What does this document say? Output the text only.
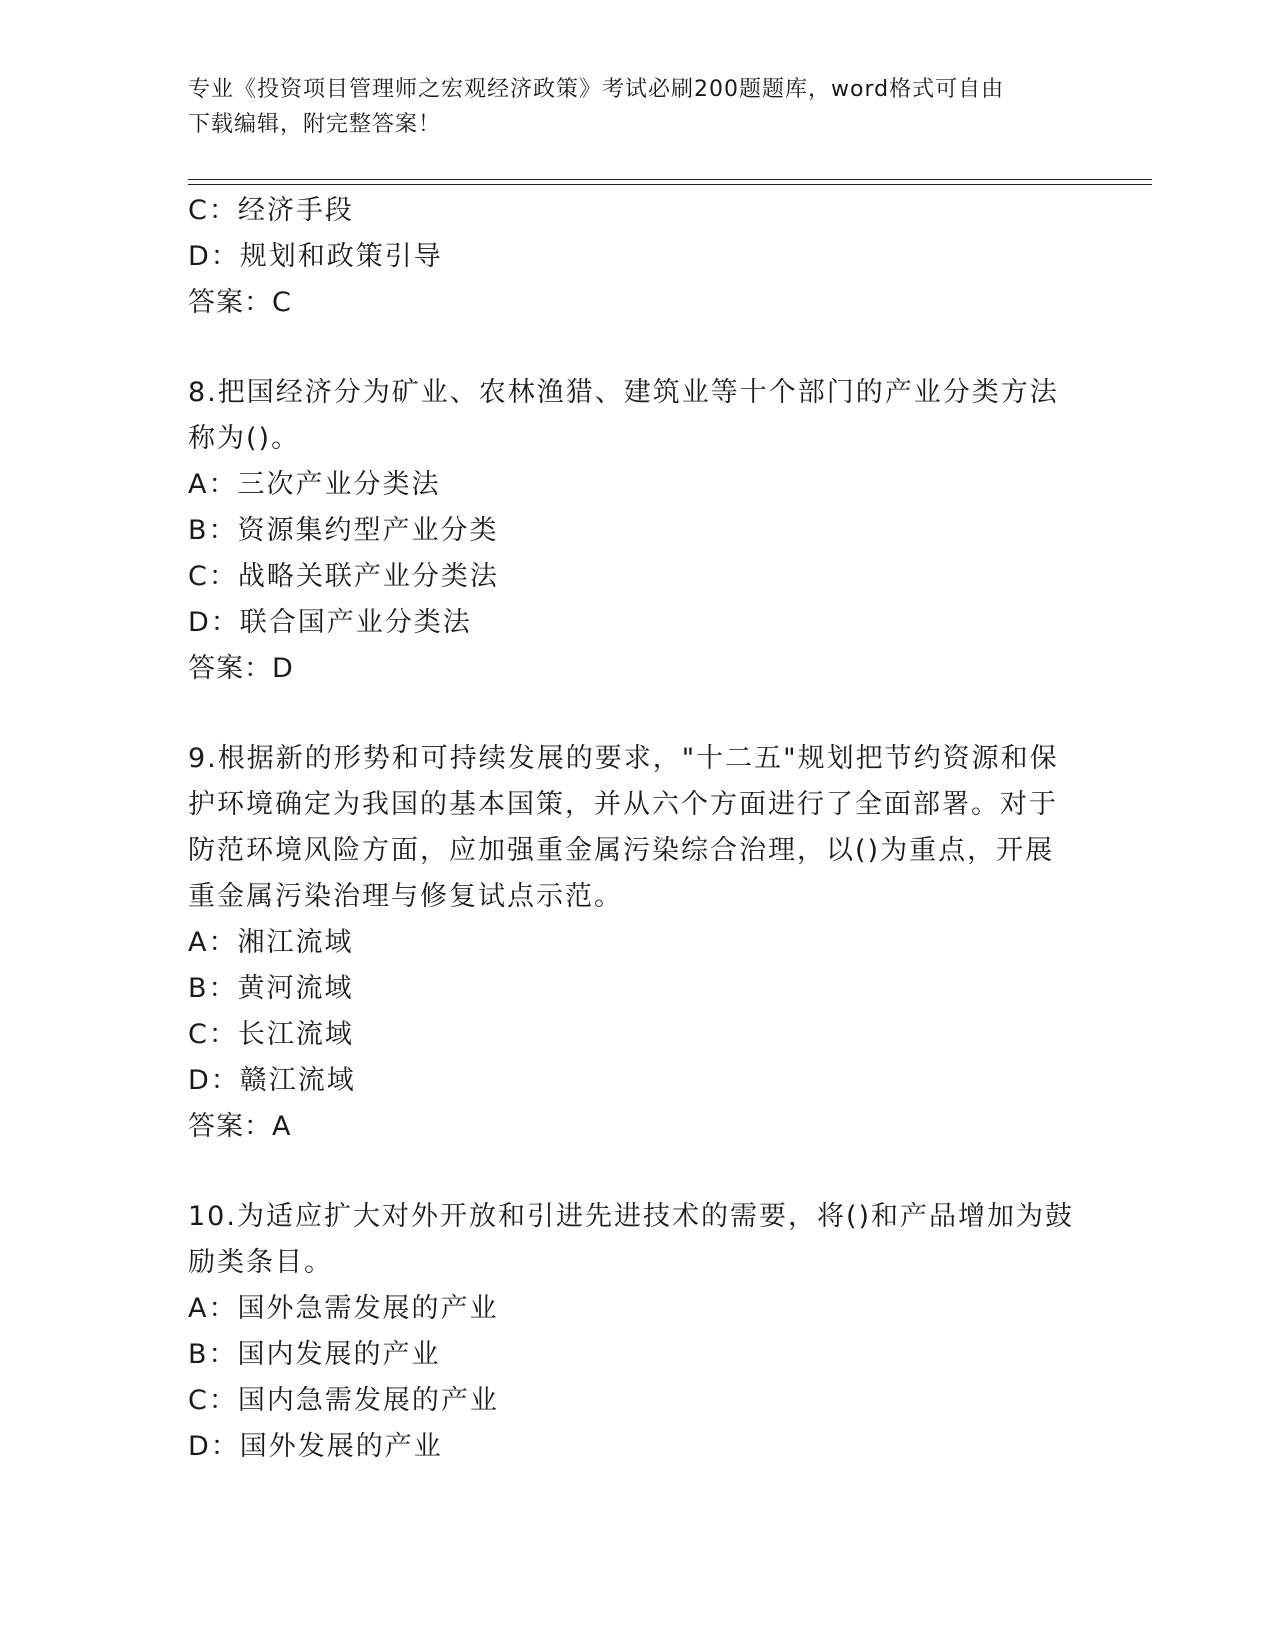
专业《投资项目管理师之宏观经济政策》考试必刷200题题库，word格式可自由
下载编辑，附完整答案！
C：经济手段
D：规划和政策引导
答案：C
8.把国经济分为矿业、农林渔猎、建筑业等十个部门的产业分类方法
称为()。
A：三次产业分类法
B：资源集约型产业分类
C：战略关联产业分类法
D：联合国产业分类法
答案：D
9.根据新的形势和可持续发展的要求，"十二五"规划把节约资源和保
护环境确定为我国的基本国策，并从六个方面进行了全面部署。对于
防范环境风险方面，应加强重金属污染综合治理，以()为重点，开展
重金属污染治理与修复试点示范。
A：湘江流域
B：黄河流域
C：长江流域
D：赣江流域
答案：A
10.为适应扩大对外开放和引进先进技术的需要，将()和产品增加为鼓
励类条目。
A：国外急需发展的产业
B：国内发展的产业
C：国内急需发展的产业
D：国外发展的产业
